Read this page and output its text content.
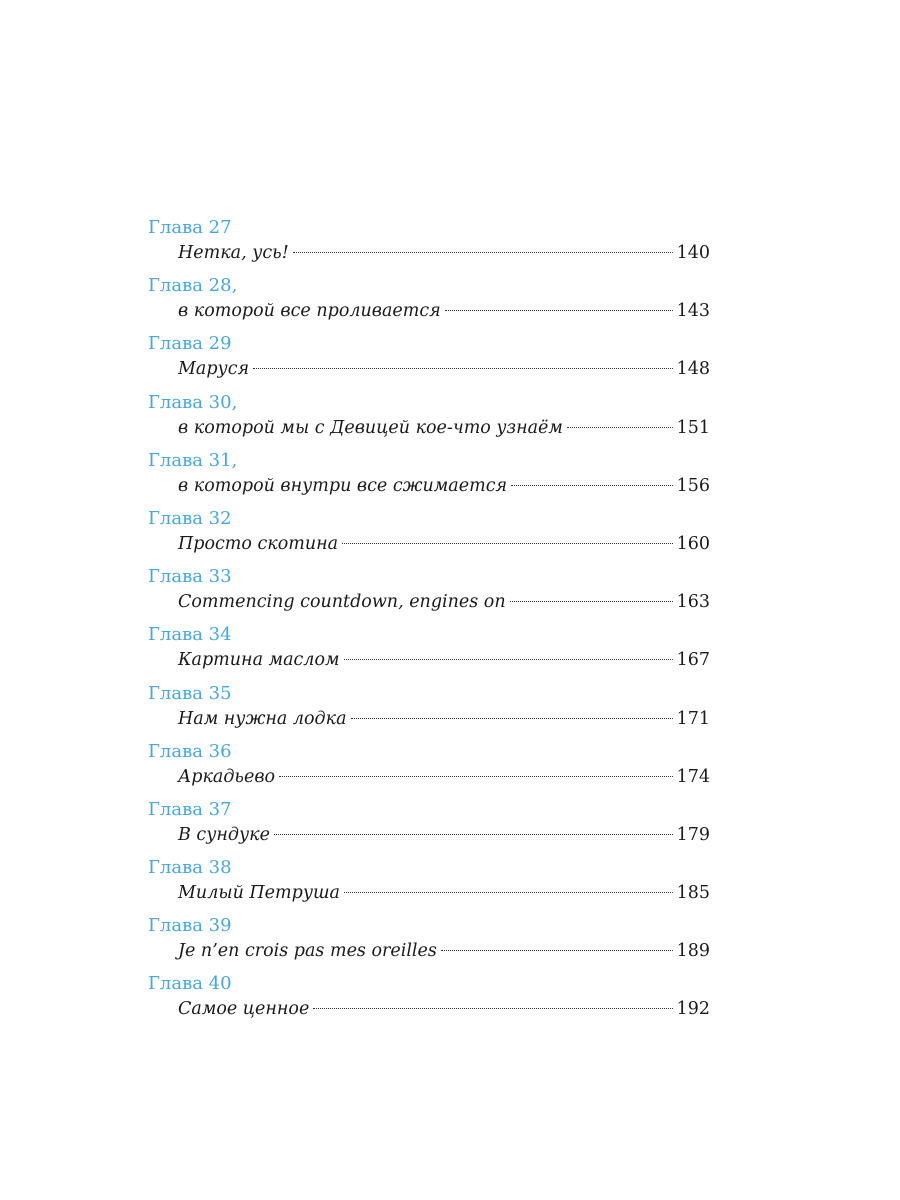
Глава 27
Нетка, усь!	140
Глава 28,
в которой все проливается	143
Глава 29
Маруся	148
Глава 30,
в которой мы с Девицей кое-что узнаём	151
Глава 31,
в которой внутри все сжимается	156
Глава 32
Просто скотина	160
Глава 33
Commencing countdown, engines on	163
Глава 34
Картина маслом	167
Глава 35
Нам нужна лодка	171
Глава 36
Аркадьево	174
Глава 37
В сундуке	179
Глава 38
Милый Петруша	185
Глава 39
Je n’en crois pas mes oreilles	189
Глава 40
Самое ценное	192
